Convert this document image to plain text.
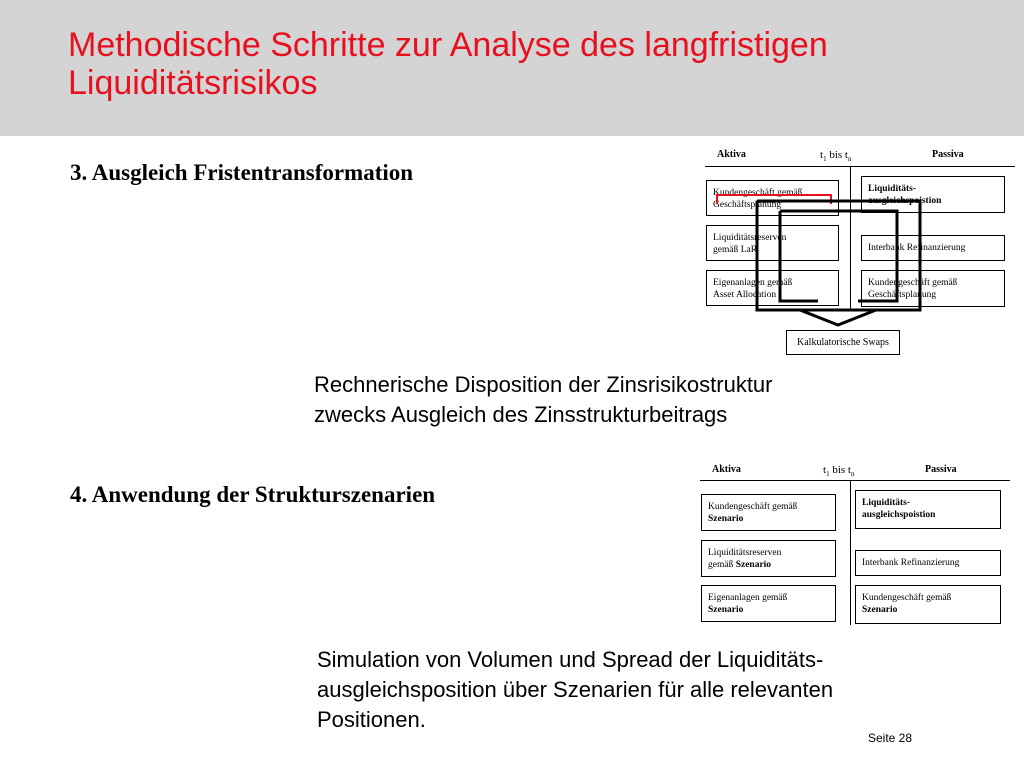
Methodische Schritte zur Analyse des langfristigen
Liquiditätsrisikos
3. Ausgleich Fristentransformation
Aktiva	$t_1$ bis $t_n$	Passiva
Kundengeschäft gemäß
Geschäftsplanung
Liquiditätsreserven
gemäß LaR
Eigenanlagen gemäß
Asset Allocation
Liquiditäts-
ausgleichspoistion
Interbank Refinanzierung
Kundengeschäft gemäß
Geschäftsplanung
Kalkulatorische Swaps
Rechnerische Disposition der Zinsrisikostruktur
zwecks Ausgleich des Zinsstrukturbeitrags
4. Anwendung der Strukturszenarien
Aktiva	$t_1$ bis $t_n$	Passiva
Kundengeschäft gemäß
Szenario
Liquiditätsreserven
gemäß Szenario
Eigenanlagen gemäß
Szenario
Liquiditäts-
ausgleichspoistion
Interbank Refinanzierung
Kundengeschäft gemäß
Szenario
Simulation von Volumen und Spread der Liquiditäts-
ausgleichsposition über Szenarien für alle relevanten
Positionen.
Seite 28
